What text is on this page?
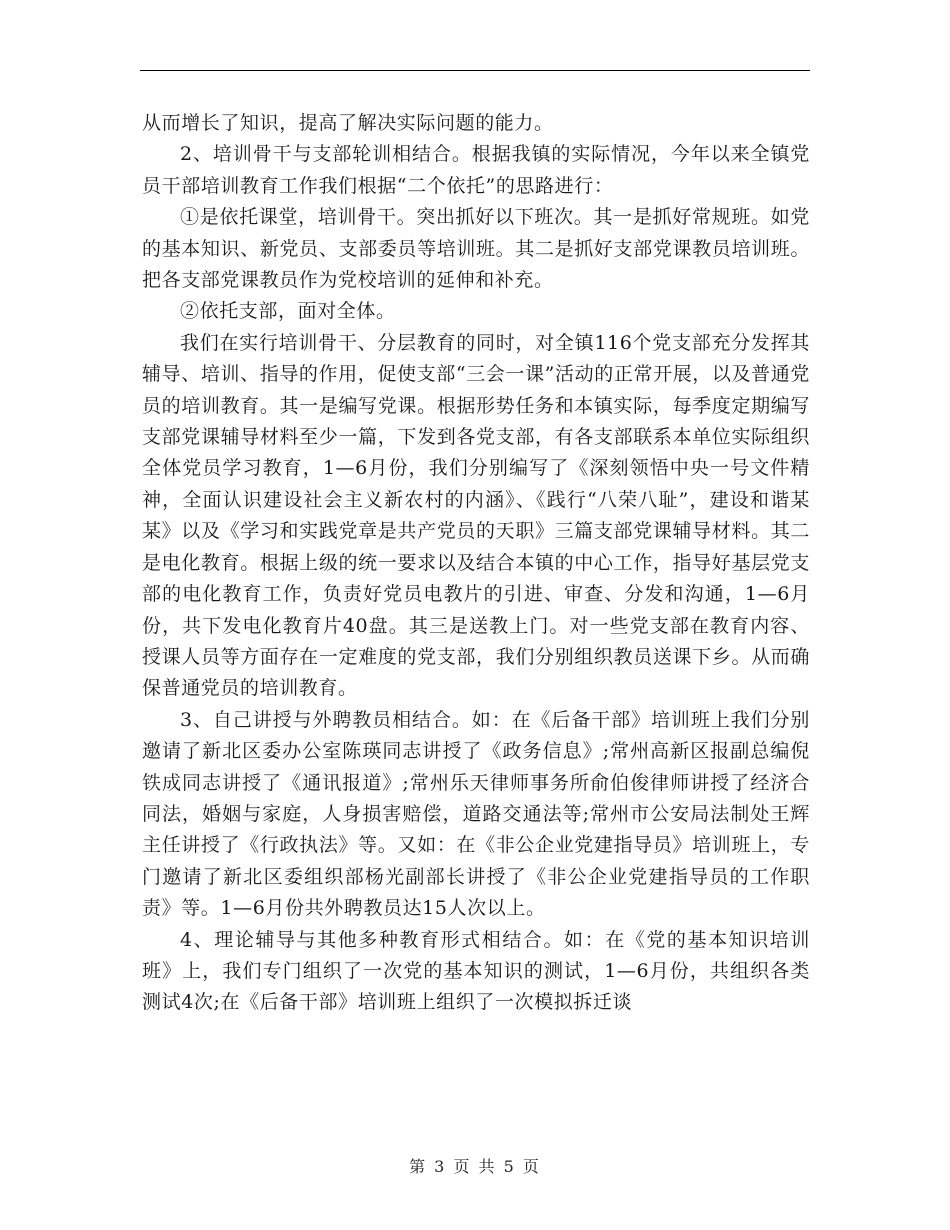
从而增长了知识，提高了解决实际问题的能力。

2、培训骨干与支部轮训相结合。根据我镇的实际情况，今年以来全镇党员干部培训教育工作我们根据“二个依托”的思路进行：

①是依托课堂，培训骨干。突出抓好以下班次。其一是抓好常规班。如党的基本知识、新党员、支部委员等培训班。其二是抓好支部党课教员培训班。把各支部党课教员作为党校培训的延伸和补充。

②依托支部，面对全体。

我们在实行培训骨干、分层教育的同时，对全镇116个党支部充分发挥其辅导、培训、指导的作用，促使支部“三会一课”活动的正常开展，以及普通党员的培训教育。其一是编写党课。根据形势任务和本镇实际，每季度定期编写支部党课辅导材料至少一篇，下发到各党支部，有各支部联系本单位实际组织全体党员学习教育，1—6月份，我们分别编写了《深刻领悟中央一号文件精神，全面认识建设社会主义新农村的内涵》、《践行“八荣八耻”，建设和谐某某》以及《学习和实践党章是共产党员的天职》三篇支部党课辅导材料。其二是电化教育。根据上级的统一要求以及结合本镇的中心工作，指导好基层党支部的电化教育工作，负责好党员电教片的引进、审查、分发和沟通，1—6月份，共下发电化教育片40盘。其三是送教上门。对一些党支部在教育内容、授课人员等方面存在一定难度的党支部，我们分别组织教员送课下乡。从而确保普通党员的培训教育。

3、自己讲授与外聘教员相结合。如：在《后备干部》培训班上我们分别邀请了新北区委办公室陈瑛同志讲授了《政务信息》;常州高新区报副总编倪铁成同志讲授了《通讯报道》;常州乐天律师事务所俞伯俊律师讲授了经济合同法，婚姻与家庭，人身损害赔偿，道路交通法等;常州市公安局法制处王辉主任讲授了《行政执法》等。又如：在《非公企业党建指导员》培训班上，专门邀请了新北区委组织部杨光副部长讲授了《非公企业党建指导员的工作职责》等。1—6月份共外聘教员达15人次以上。

4、理论辅导与其他多种教育形式相结合。如：在《党的基本知识培训班》上，我们专门组织了一次党的基本知识的测试，1—6月份，共组织各类测试4次;在《后备干部》培训班上组织了一次模拟拆迁谈

第 3 页 共 5 页
